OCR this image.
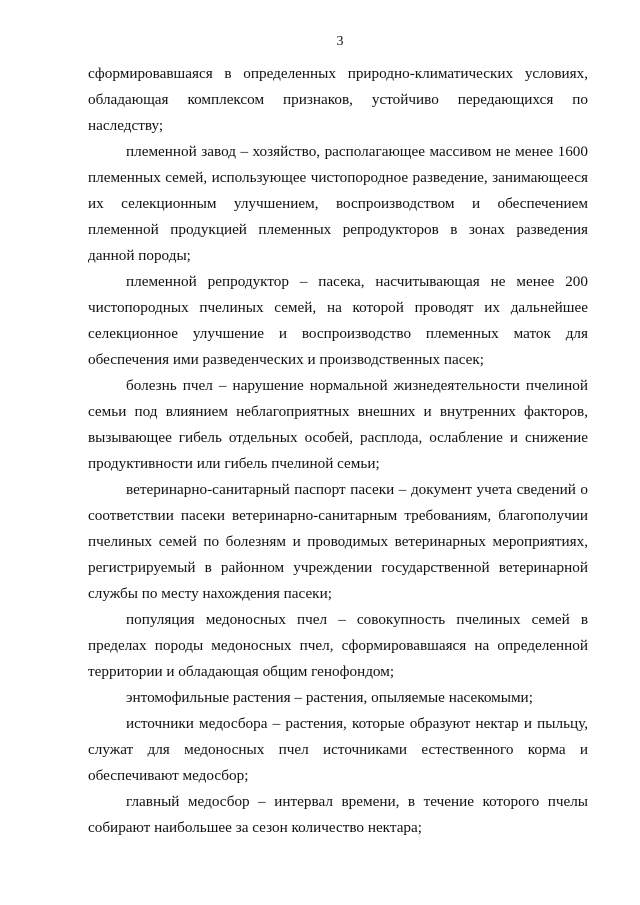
3

сформировавшаяся в определенных природно-климатических условиях, обладающая комплексом признаков, устойчиво передающихся по наследству;

племенной завод – хозяйство, располагающее массивом не менее 1600 племенных семей, использующее чистопородное разведение, занимающееся их селекционным улучшением, воспроизводством и обеспечением племенной продукцией племенных репродукторов в зонах разведения данной породы;

племенной репродуктор – пасека, насчитывающая не менее 200 чистопородных пчелиных семей, на которой проводят их дальнейшее селекционное улучшение и воспроизводство племенных маток для обеспечения ими разведенческих и производственных пасек;

болезнь пчел – нарушение нормальной жизнедеятельности пчелиной семьи под влиянием неблагоприятных внешних и внутренних факторов, вызывающее гибель отдельных особей, расплода, ослабление и снижение продуктивности или гибель пчелиной семьи;

ветеринарно-санитарный паспорт пасеки – документ учета сведений о соответствии пасеки ветеринарно-санитарным требованиям, благополучии пчелиных семей по болезням и проводимых ветеринарных мероприятиях, регистрируемый в районном учреждении государственной ветеринарной службы по месту нахождения пасеки;

популяция медоносных пчел – совокупность пчелиных семей в пределах породы медоносных пчел, сформировавшаяся на определенной территории и обладающая общим генофондом;

энтомофильные растения – растения, опыляемые насекомыми;

источники медосбора – растения, которые образуют нектар и пыльцу, служат для медоносных пчел источниками естественного корма и обеспечивают медосбор;

главный медосбор – интервал времени, в течение которого пчелы собирают наибольшее за сезон количество нектара;
